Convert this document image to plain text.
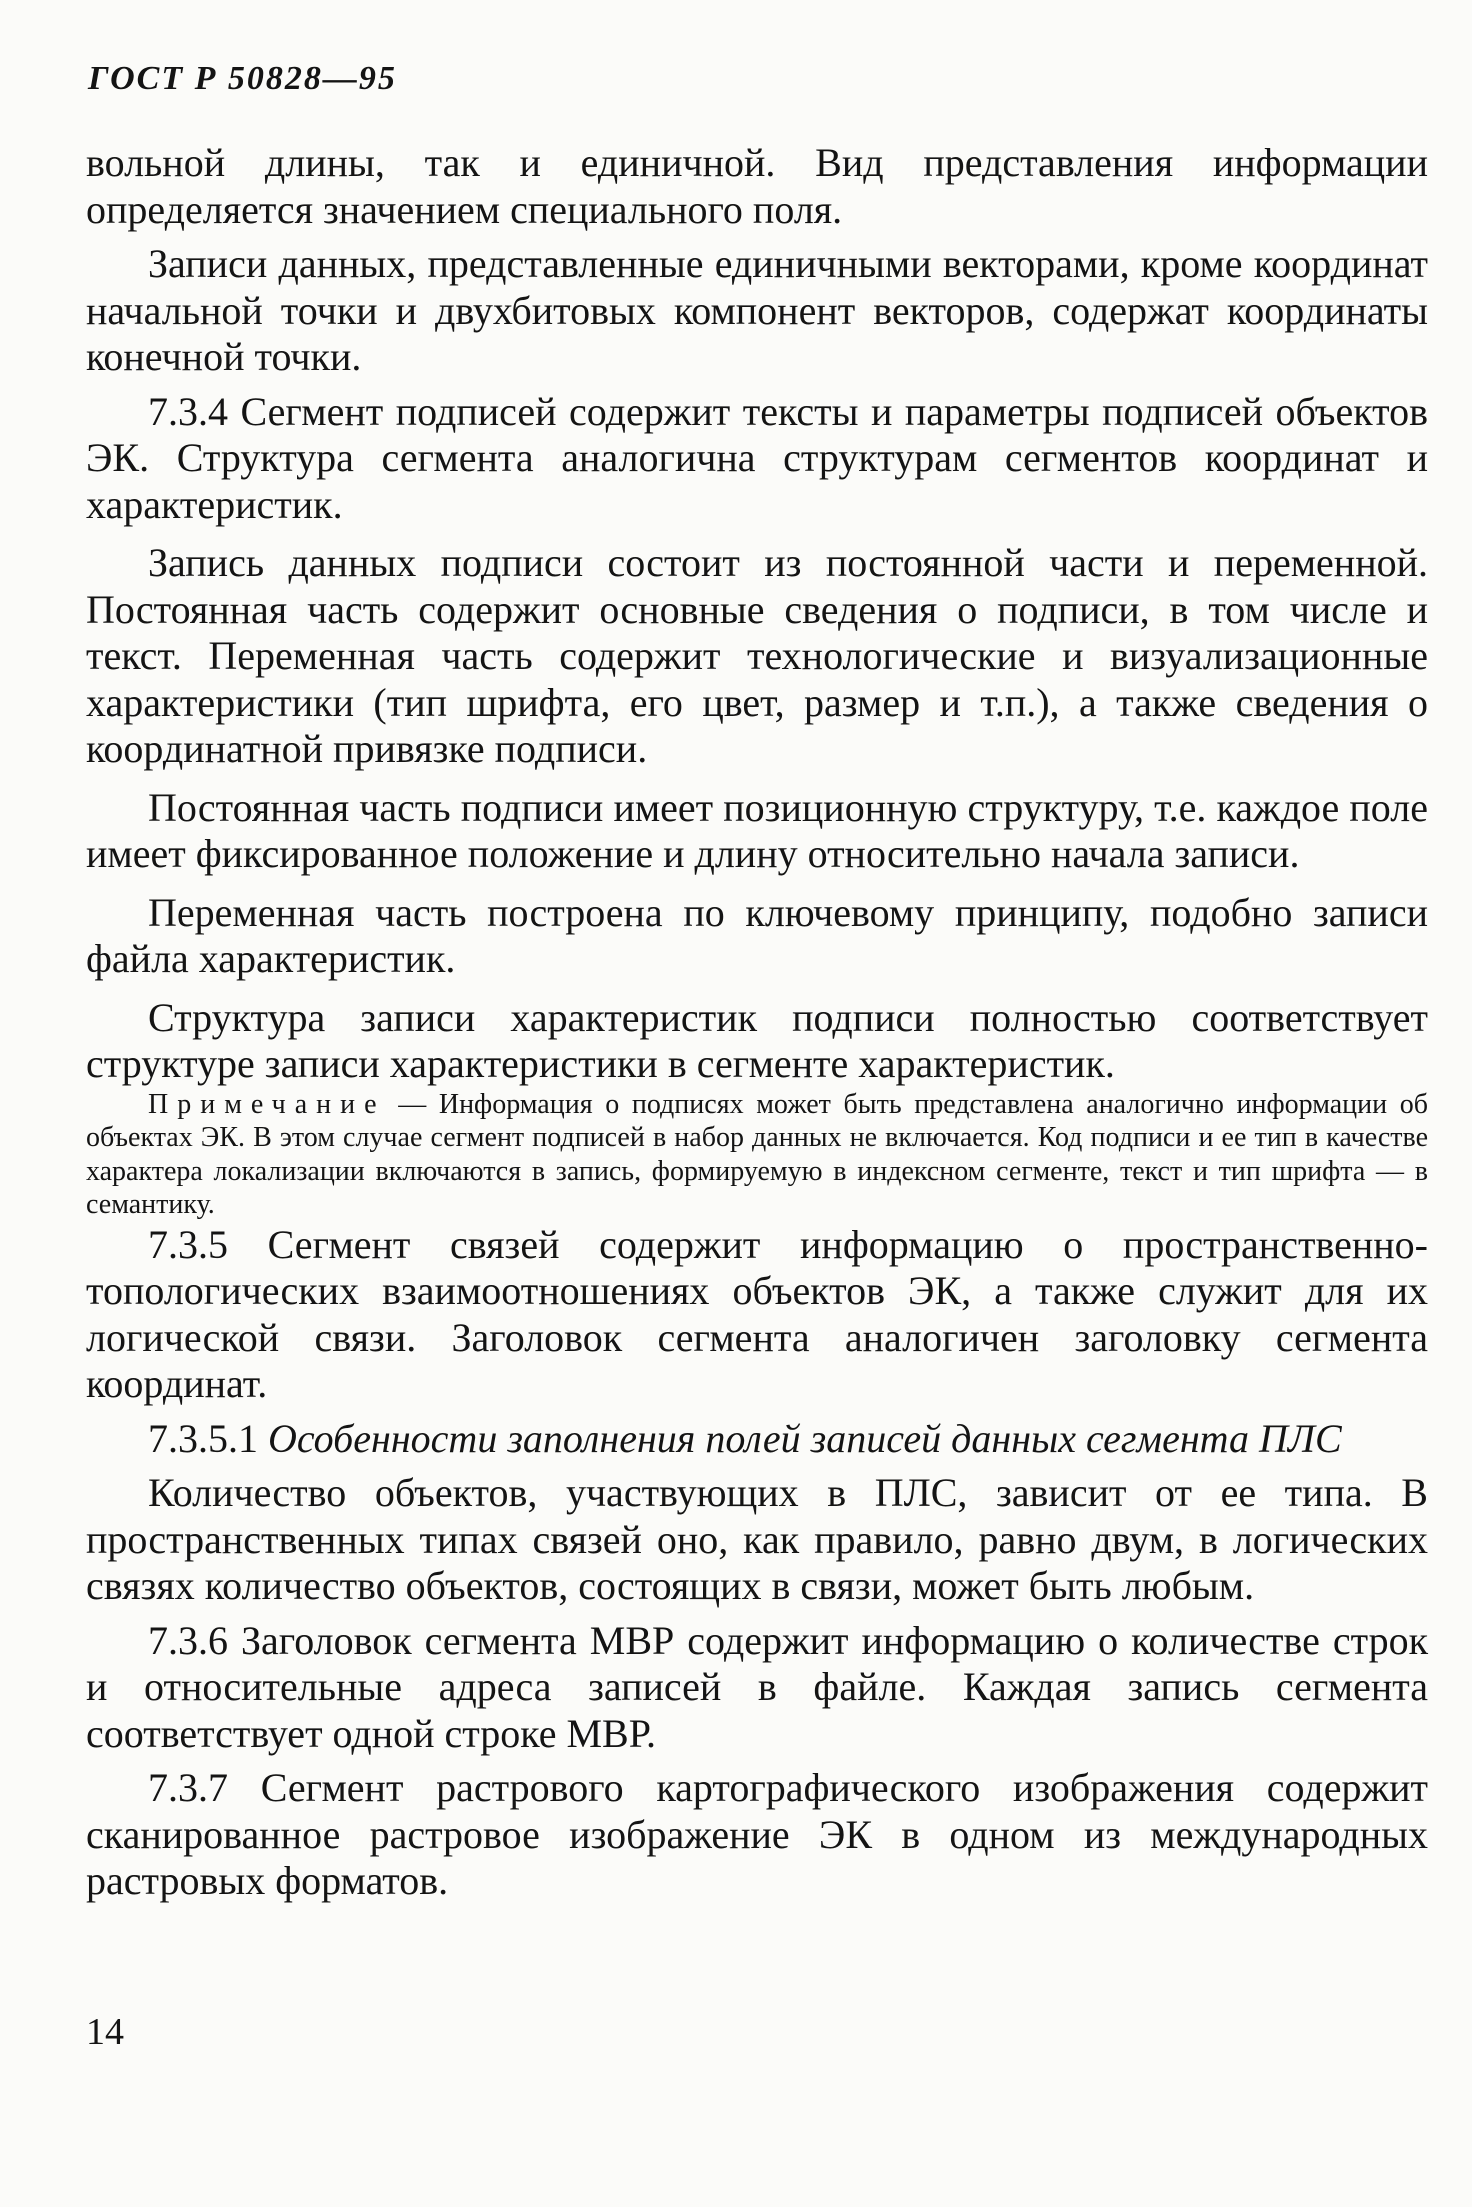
ГОСТ Р 50828—95

вольной длины, так и единичной. Вид представления информации определяется значением специального поля.

Записи данных, представленные единичными векторами, кроме координат начальной точки и двухбитовых компонент векторов, содержат координаты конечной точки.

7.3.4 Сегмент подписей содержит тексты и параметры подписей объектов ЭК. Структура сегмента аналогична структурам сегментов координат и характеристик.

Запись данных подписи состоит из постоянной части и переменной. Постоянная часть содержит основные сведения о подписи, в том числе и текст. Переменная часть содержит технологические и визуализационные характеристики (тип шрифта, его цвет, размер и т.п.), а также сведения о координатной привязке подписи.

Постоянная часть подписи имеет позиционную структуру, т.е. каждое поле имеет фиксированное положение и длину относительно начала записи.

Переменная часть построена по ключевому принципу, подобно записи файла характеристик.

Структура записи характеристик подписи полностью соответствует структуре записи характеристики в сегменте характеристик.

Примечание — Информация о подписях может быть представлена аналогично информации об объектах ЭК. В этом случае сегмент подписей в набор данных не включается. Код подписи и ее тип в качестве характера локализации включаются в запись, формируемую в индексном сегменте, текст и тип шрифта — в семантику.

7.3.5 Сегмент связей содержит информацию о пространственно-топологических взаимоотношениях объектов ЭК, а также служит для их логической связи. Заголовок сегмента аналогичен заголовку сегмента координат.

7.3.5.1 Особенности заполнения полей записей данных сегмента ПЛС

Количество объектов, участвующих в ПЛС, зависит от ее типа. В пространственных типах связей оно, как правило, равно двум, в логических связях количество объектов, состоящих в связи, может быть любым.

7.3.6 Заголовок сегмента МВР содержит информацию о количестве строк и относительные адреса записей в файле. Каждая запись сегмента соответствует одной строке МВР.

7.3.7 Сегмент растрового картографического изображения содержит сканированное растровое изображение ЭК в одном из международных растровых форматов.

14
